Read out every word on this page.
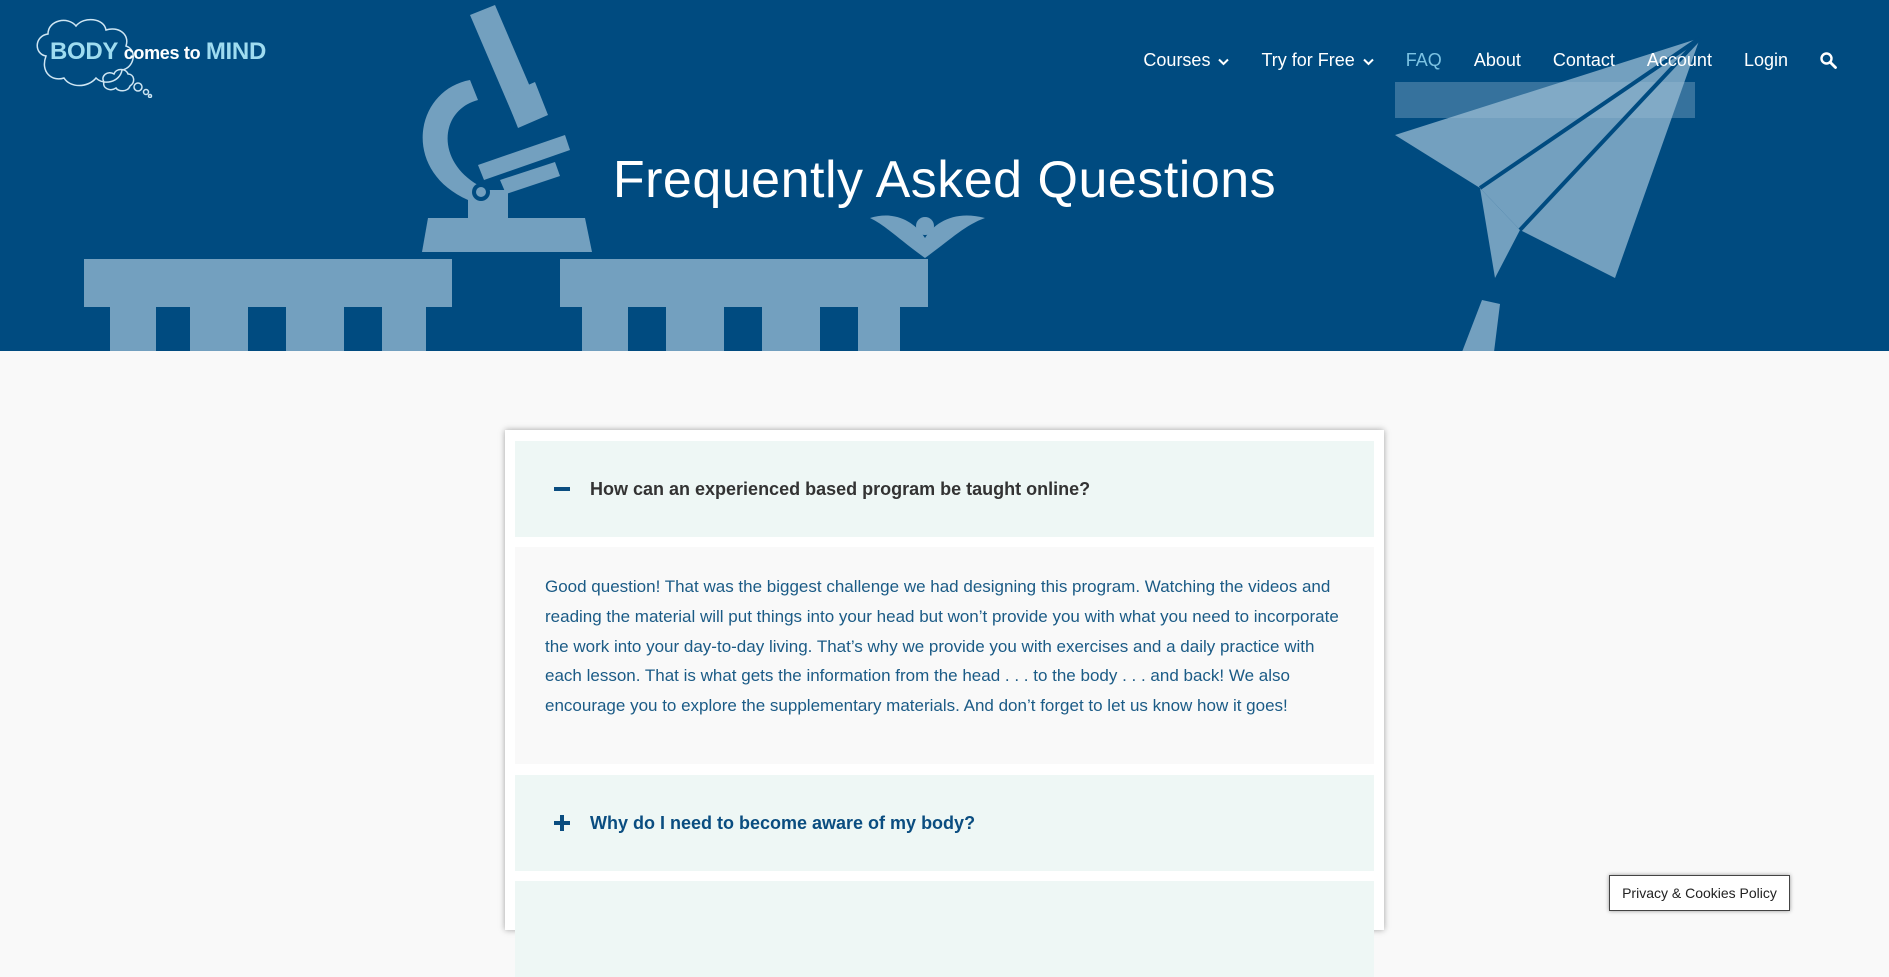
BODY comes to MIND	Courses	Try for Free	FAQ About Contact Account Login
Frequently Asked Questions
How can an experienced based program be taught online?

Good question! That was the biggest challenge we had designing this program. Watching the videos and reading the material will put things into your head but won’t provide you with what you need to incorporate the work into your day-to-day living. That’s why we provide you with exercises and a daily practice with each lesson. That is what gets the information from the head . . . to the body . . . and back! We also encourage you to explore the supplementary materials. And don’t forget to let us know how it goes!

Why do I need to become aware of my body?
Privacy & Cookies Policy
